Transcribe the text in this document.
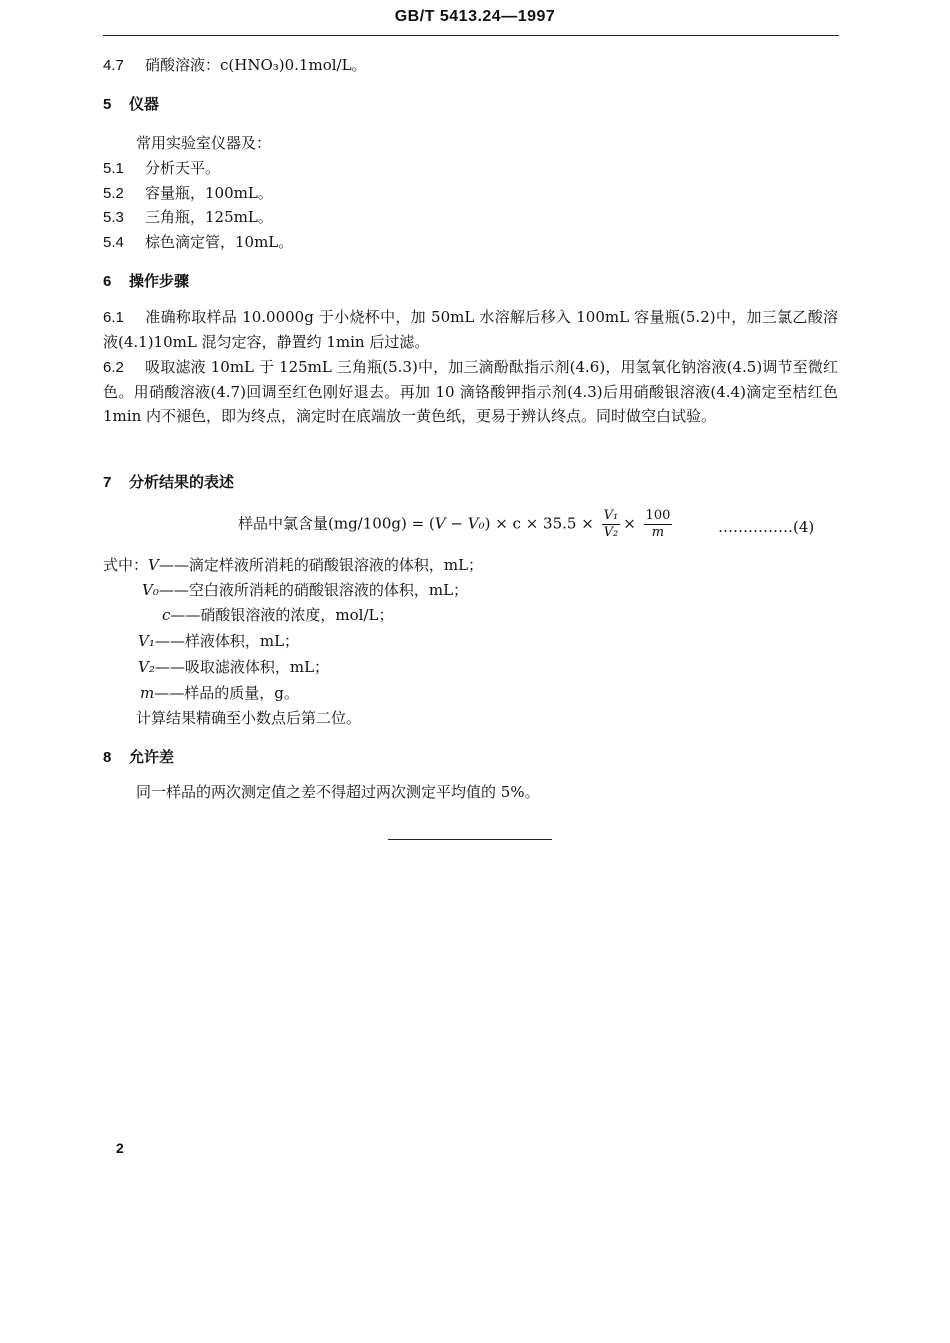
GB/T 5413.24—1997
4.7 硝酸溶液：c(HNO₃)0.1mol/L。
5 仪器
常用实验室仪器及：
5.1 分析天平。
5.2 容量瓶，100mL。
5.3 三角瓶，125mL。
5.4 棕色滴定管，10mL。
6 操作步骤
6.1 准确称取样品 10.0000g 于小烧杯中，加 50mL 水溶解后移入 100mL 容量瓶(5.2)中，加三氯乙酸溶液(4.1)10mL 混匀定容，静置约 1min 后过滤。
6.2 吸取滤液 10mL 于 125mL 三角瓶(5.3)中，加三滴酚酞指示剂(4.6)，用氢氧化钠溶液(4.5)调节至微红色。用硝酸溶液(4.7)回调至红色刚好退去。再加 10 滴铬酸钾指示剂(4.3)后用硝酸银溶液(4.4)滴定至桔红色 1min 内不褪色，即为终点，滴定时在底端放一黄色纸，更易于辨认终点。同时做空白试验。
7 分析结果的表述
样品中氯含量$(mg/100g) = (V - V_0) \times c \times 35.5 \times \frac{\text{V₁}}{\text{V₂}} \times \frac{100}{m}$	……………(4)
式中：V——滴定样液所消耗的硝酸银溶液的体积，mL；
V₀——空白液所消耗的硝酸银溶液的体积，mL；
c——硝酸银溶液的浓度，mol/L；
V₁——样液体积，mL；
V₂——吸取滤液体积，mL；
m——样品的质量，g。
计算结果精确至小数点后第二位。
8 允许差
同一样品的两次测定值之差不得超过两次测定平均值的 5%。
2
